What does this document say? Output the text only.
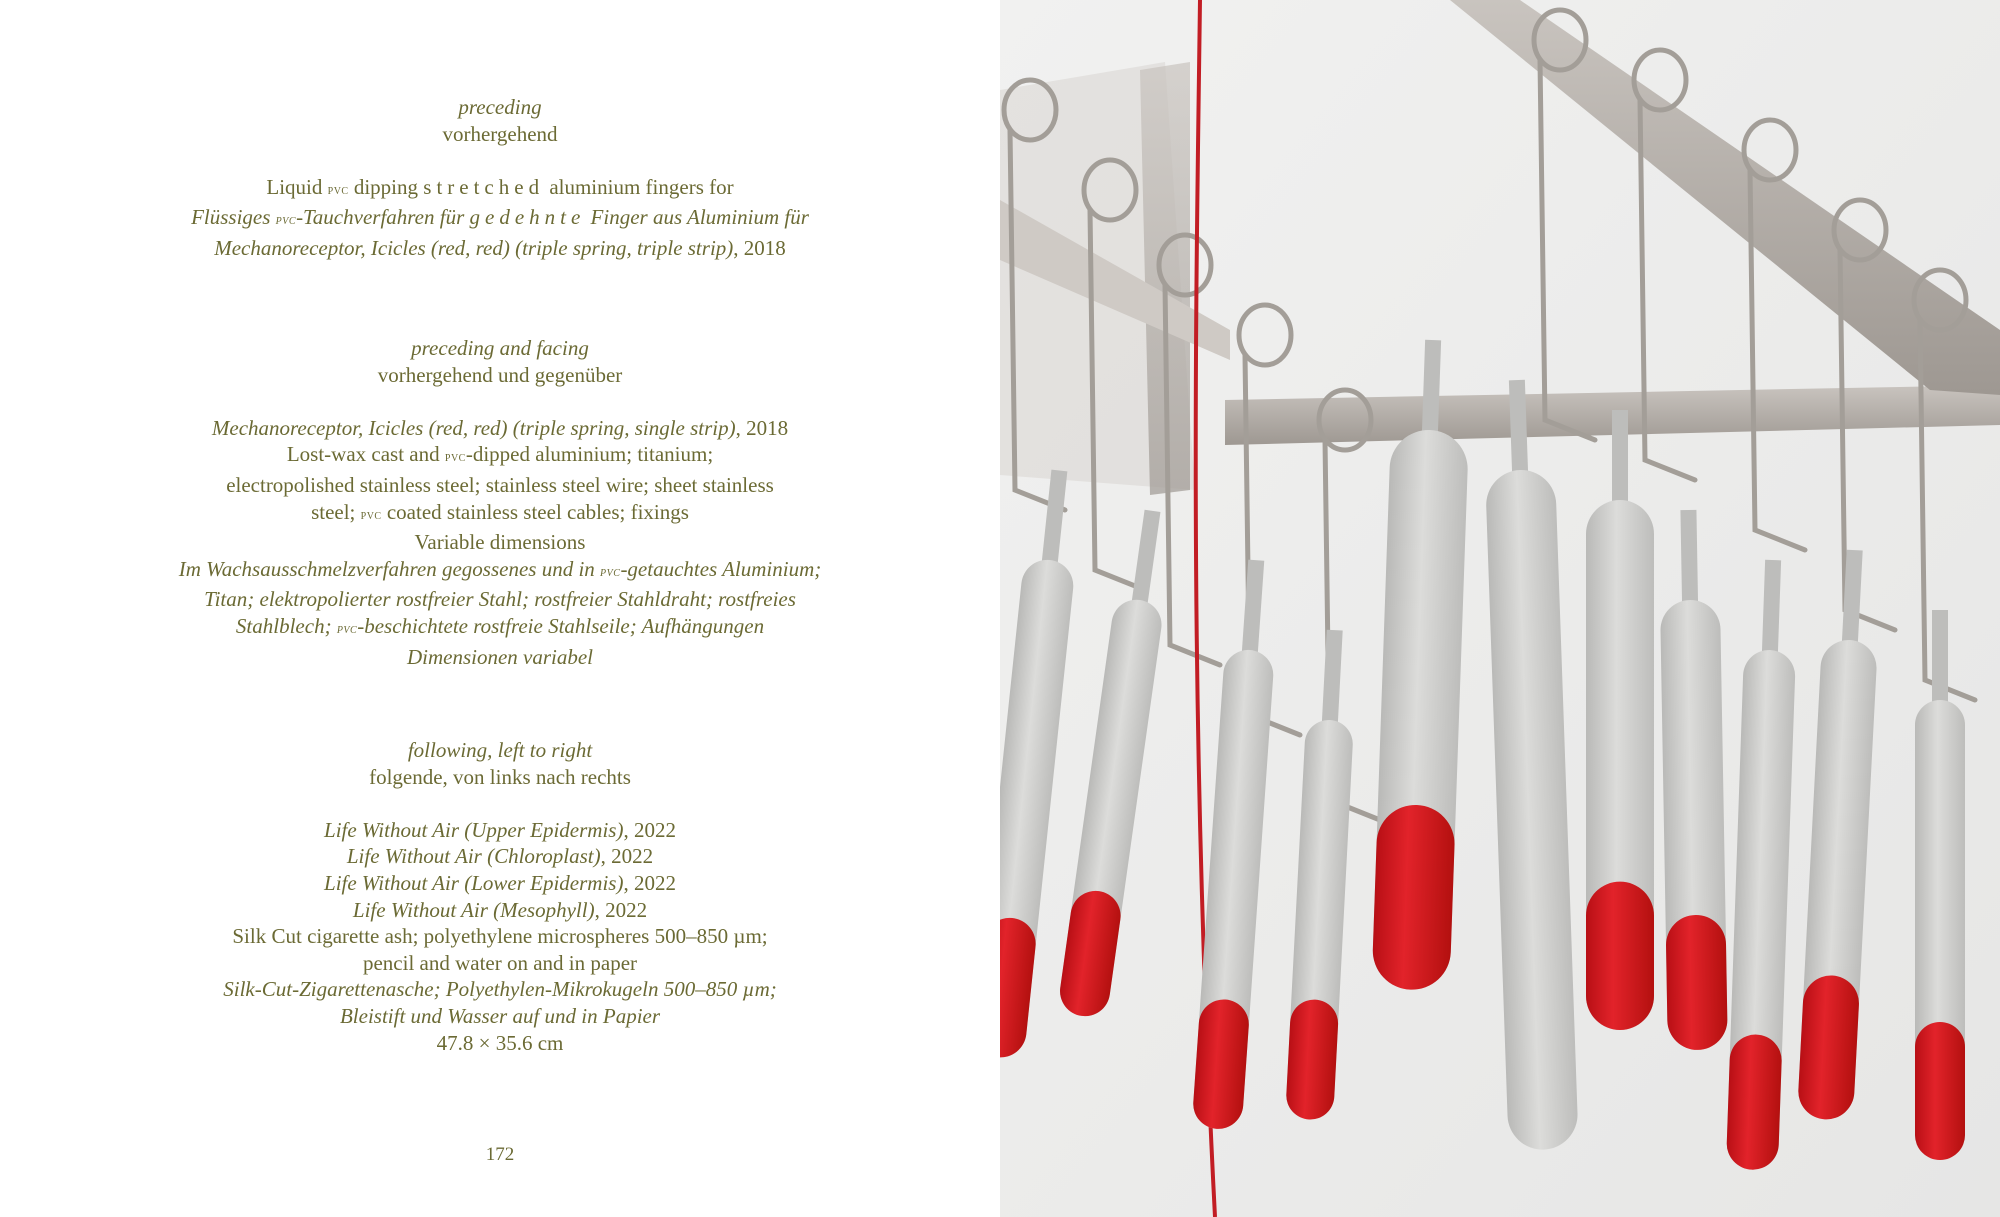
preceding
vorhergehend
Liquid pvc dipping stretched aluminium fingers for
Flüssiges pvc-Tauchverfahren für gedehnte Finger aus Aluminium für
Mechanoreceptor, Icicles (red, red) (triple spring, triple strip), 2018
preceding and facing
vorhergehend und gegenüber
Mechanoreceptor, Icicles (red, red) (triple spring, single strip), 2018
Lost-wax cast and pvc-dipped aluminium; titanium;
electropolished stainless steel; stainless steel wire; sheet stainless
steel; pvc coated stainless steel cables; fixings
Variable dimensions
Im Wachsausschmelzverfahren gegossenes und in pvc-getauchtes Aluminium;
Titan; elektropolierter rostfreier Stahl; rostfreier Stahldraht; rostfreies
Stahlblech; pvc-beschichtete rostfreie Stahlseile; Aufhängungen
Dimensionen variabel
following, left to right
folgende, von links nach rechts
Life Without Air (Upper Epidermis), 2022
Life Without Air (Chloroplast), 2022
Life Without Air (Lower Epidermis), 2022
Life Without Air (Mesophyll), 2022
Silk Cut cigarette ash; polyethylene microspheres 500–850 µm;
pencil and water on and in paper
Silk-Cut-Zigarettenasche; Polyethylen-Mikrokugeln 500–850 µm;
Bleistift und Wasser auf und in Papier
47.8 × 35.6 cm
172
